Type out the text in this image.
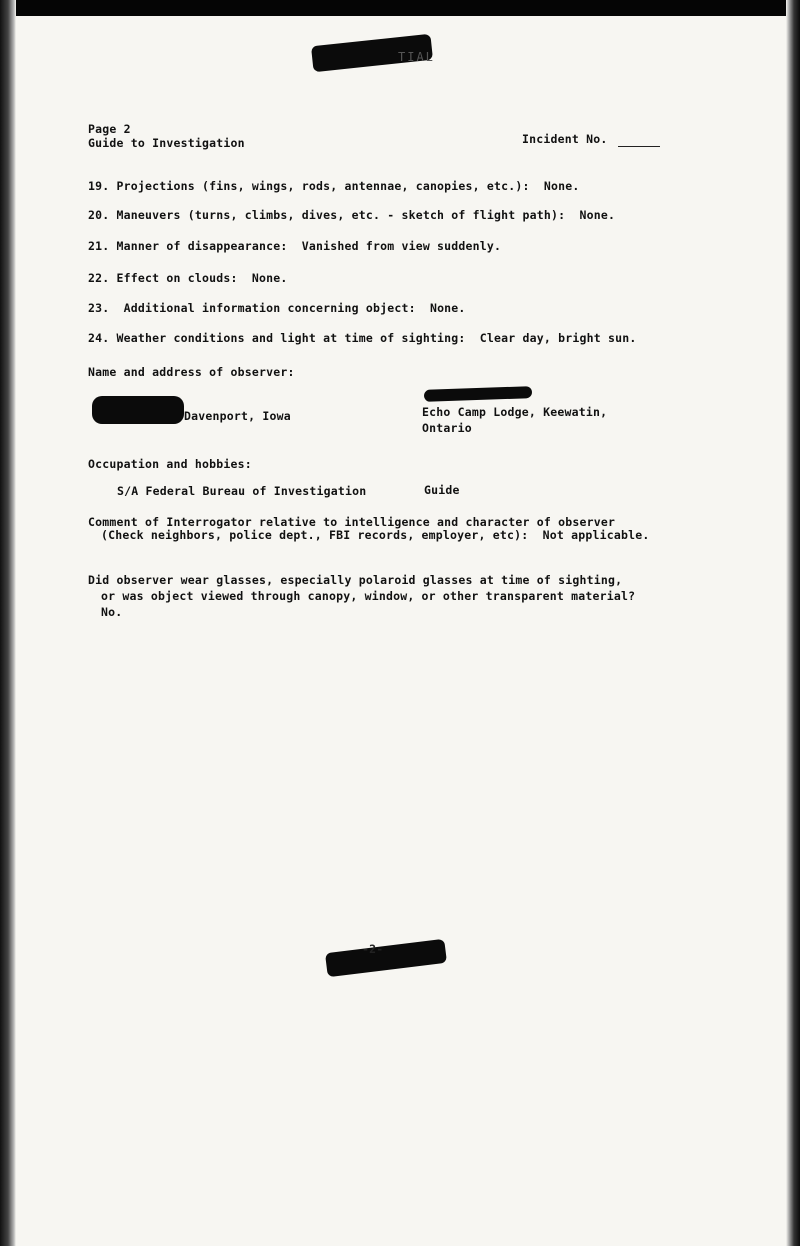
TIAL
Page 2
Guide to Investigation	Incident No.
19. Projections (fins, wings, rods, antennae, canopies, etc.):  None.
20. Maneuvers (turns, climbs, dives, etc. - sketch of flight path):  None.
21. Manner of disappearance:  Vanished from view suddenly.
22. Effect on clouds:  None.
23. Additional information concerning object:  None.
24. Weather conditions and light at time of sighting:  Clear day, bright sun.
Name and address of observer:
Davenport, Iowa	Echo Camp Lodge, Keewatin,
Ontario
Occupation and hobbies:
S/A Federal Bureau of Investigation	Guide
Comment of Interrogator relative to intelligence and character of observer
(Check neighbors, police dept., FBI records, employer, etc):  Not applicable.
Did observer wear glasses, especially polaroid glasses at time of sighting,
or was object viewed through canopy, window, or other transparent material?
No.
-2-
